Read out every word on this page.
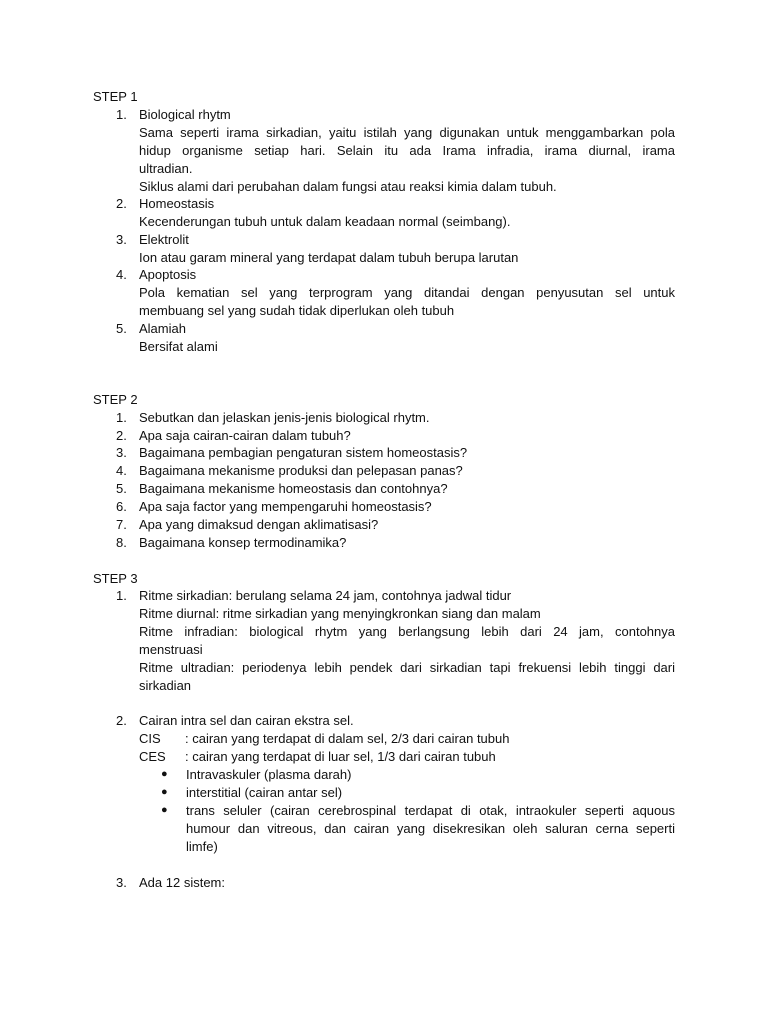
STEP 1
1. Biological rhytm
Sama seperti irama sirkadian, yaitu istilah yang digunakan untuk menggambarkan pola
hidup organisme setiap hari. Selain itu ada Irama infradia, irama diurnal, irama
ultradian.
Siklus alami dari perubahan dalam fungsi atau reaksi kimia dalam tubuh.
2. Homeostasis
Kecenderungan tubuh untuk dalam keadaan normal (seimbang).
3. Elektrolit
Ion atau garam mineral yang terdapat dalam tubuh berupa larutan
4. Apoptosis
Pola kematian sel yang terprogram yang ditandai dengan penyusutan sel untuk
membuang sel yang sudah tidak diperlukan oleh tubuh
5. Alamiah
Bersifat alami
STEP 2
1. Sebutkan dan jelaskan jenis-jenis biological rhytm.
2. Apa saja cairan-cairan dalam tubuh?
3. Bagaimana pembagian pengaturan sistem homeostasis?
4. Bagaimana mekanisme produksi dan pelepasan panas?
5. Bagaimana mekanisme homeostasis dan contohnya?
6. Apa saja factor yang mempengaruhi homeostasis?
7. Apa yang dimaksud dengan aklimatisasi?
8. Bagaimana konsep termodinamika?
STEP 3
1. Ritme sirkadian: berulang selama 24 jam, contohnya jadwal tidur
Ritme diurnal: ritme sirkadian yang menyingkronkan siang dan malam
Ritme infradian: biological rhytm yang berlangsung lebih dari 24 jam, contohnya
menstruasi
Ritme ultradian: periodenya lebih pendek dari sirkadian tapi frekuensi lebih tinggi dari
sirkadian
2. Cairan intra sel dan cairan ekstra sel.
CIS : cairan yang terdapat di dalam sel, 2/3 dari cairan tubuh
CES : cairan yang terdapat di luar sel, 1/3 dari cairan tubuh
● Intravaskuler (plasma darah)
● interstitial (cairan antar sel)
● trans seluler (cairan cerebrospinal terdapat di otak, intraokuler seperti aquous
humour dan vitreous, dan cairan yang disekresikan oleh saluran cerna seperti
limfe)
3. Ada 12 sistem:
